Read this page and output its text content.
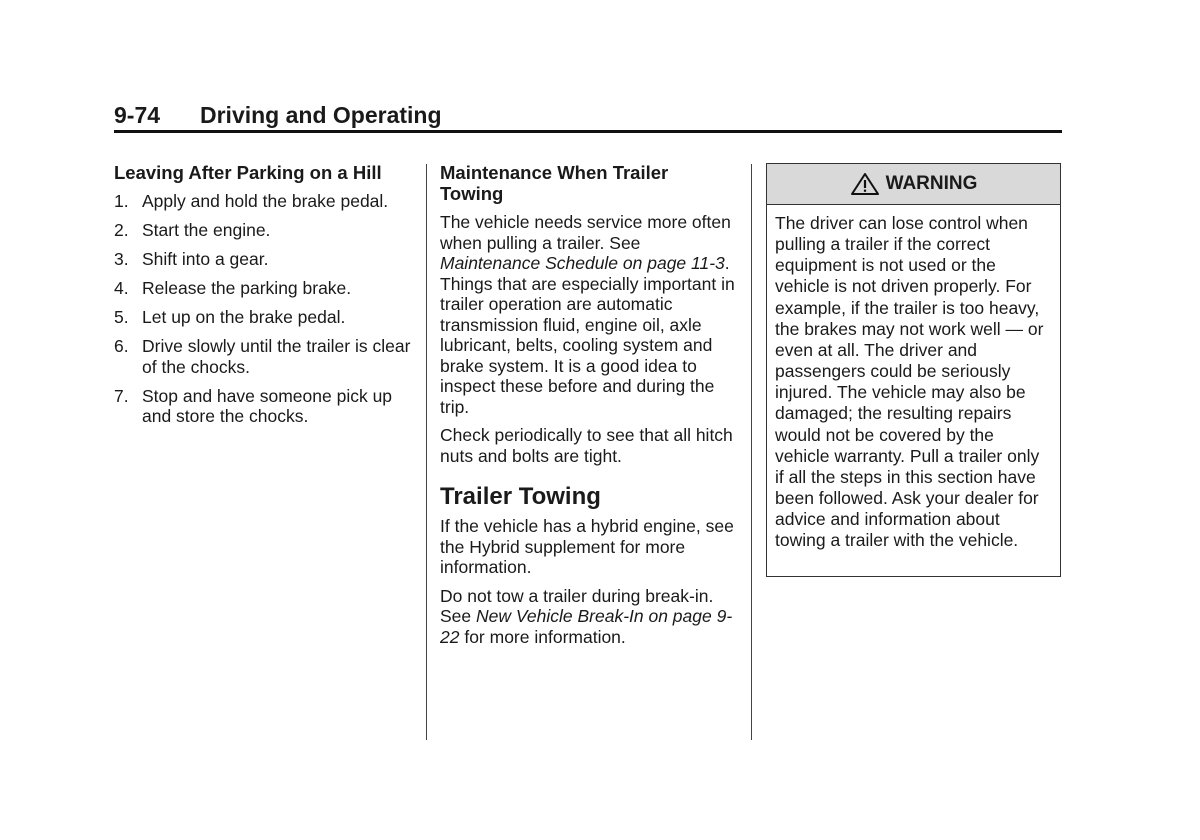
9-74 Driving and Operating
Leaving After Parking on a Hill
1. Apply and hold the brake pedal.
2. Start the engine.
3. Shift into a gear.
4. Release the parking brake.
5. Let up on the brake pedal.
6. Drive slowly until the trailer is clear of the chocks.
7. Stop and have someone pick up and store the chocks.
Maintenance When Trailer Towing

The vehicle needs service more often when pulling a trailer. See Maintenance Schedule on page 11-3. Things that are especially important in trailer operation are automatic transmission fluid, engine oil, axle lubricant, belts, cooling system and brake system. It is a good idea to inspect these before and during the trip.

Check periodically to see that all hitch nuts and bolts are tight.

Trailer Towing

If the vehicle has a hybrid engine, see the Hybrid supplement for more information.

Do not tow a trailer during break-in. See New Vehicle Break-In on page 9-22 for more information.

WARNING
The driver can lose control when pulling a trailer if the correct equipment is not used or the vehicle is not driven properly. For example, if the trailer is too heavy, the brakes may not work well — or even at all. The driver and passengers could be seriously injured. The vehicle may also be damaged; the resulting repairs would not be covered by the vehicle warranty. Pull a trailer only if all the steps in this section have been followed. Ask your dealer for advice and information about towing a trailer with the vehicle.
